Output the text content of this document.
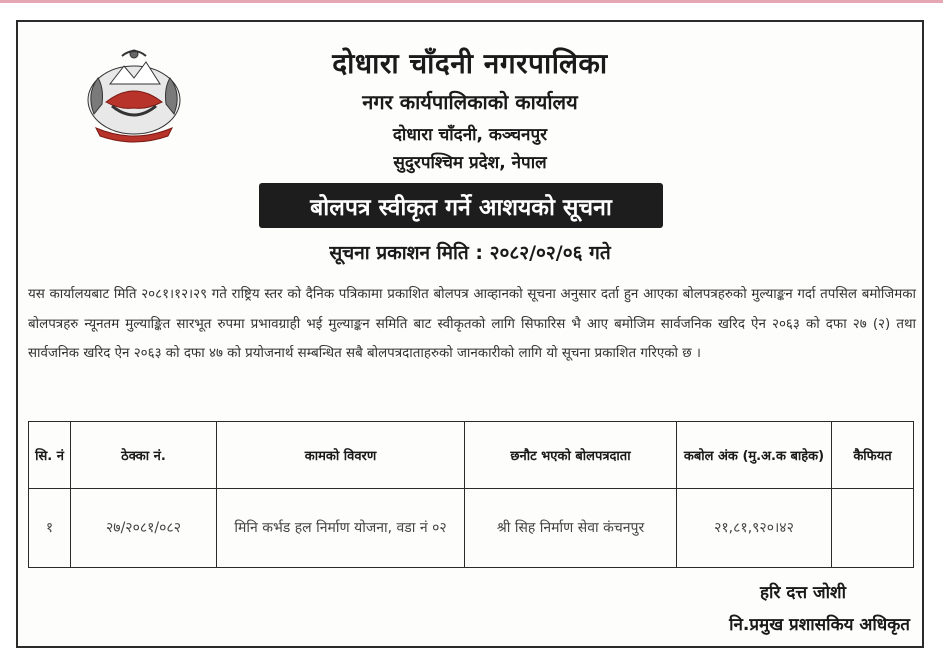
दोधारा चाँदनी नगरपालिका
नगर कार्यपालिकाको कार्यालय
दोधारा चाँदनी, कञ्चनपुर
सुदुरपश्चिम प्रदेश, नेपाल
बोलपत्र स्वीकृत गर्ने आशयको सूचना
सूचना प्रकाशन मिति : २०८२/०२/०६ गते
यस कार्यालयबाट मिति २०८१।१२।२९ गते राष्ट्रिय स्तर को दैनिक पत्रिकामा प्रकाशित बोलपत्र आव्हानको सूचना अनुसार दर्ता हुन आएका बोलपत्रहरुको मुल्याङ्कन गर्दा तपसिल बमोजिमका बोलपत्रहरु न्यूनतम मुल्याङ्कित सारभूत रुपमा प्रभावग्राही भई मुल्याङ्कन समिति बाट स्वीकृतको लागि सिफारिस भै आए बमोजिम सार्वजनिक खरिद ऐन २०६३ को दफा २७ (२) तथा सार्वजनिक खरिद ऐन २०६३ को दफा ४७ को प्रयोजनार्थ सम्बन्धित सबै बोलपत्रदाताहरुको जानकारीको लागि यो सूचना प्रकाशित गरिएको छ ।
सि. नं	ठेक्का नं.	कामको विवरण	छनौट भएको बोलपत्रदाता	कबोल अंक (मु.अ.क बाहेक)	कैफियत
१	२७/२०८१/०८२	मिनि कर्भड हल निर्माण योजना, वडा नं ०२	श्री सिह निर्माण सेवा कंचनपुर	२१,८१,९२०।४२	
हरि दत्त जोशी
नि.प्रमुख प्रशासकिय अधिकृत
